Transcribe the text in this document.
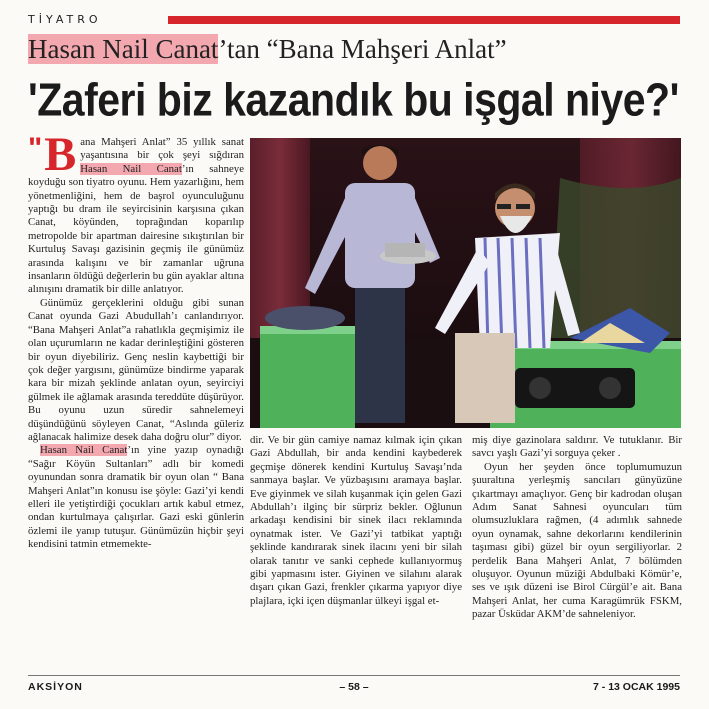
TİYATRO
Hasan Nail Canat’tan “Bana Mahşeri Anlat”
'Zaferi biz kazandık bu işgal niye?'

" B ana Mahşeri Anlat” 35 yıllık sanat yaşantısına bir çok şeyi sığdıran Hasan Nail Canat’ın sahneye koyduğu son tiyatro oyunu. Hem yazarlığını, hem yönetmenliğini, hem de başrol oyunculuğunu yaptığı bu dram ile seyircisinin karşısına çıkan Canat, köyünden, toprağından koparılıp metropolde bir apartman dairesine sıkıştırılan bir Kurtuluş Savaşı gazisinin geçmiş ile günümüz arasında kalışını ve bir zamanlar uğruna insanların öldüğü değerlerin bu gün ayaklar altına alınışını dramatik bir dille anlatıyor.

Günümüz gerçeklerini olduğu gibi sunan Canat oyunda Gazi Abudullah’ı canlandırıyor. “Bana Mahşeri Anlat”a rahatlıkla geçmişimiz ile olan uçurumların ne kadar derinleştiğini gösteren bir oyun diyebiliriz. Genç neslin kaybettiği bir çok değer yargısını, günümüze bindirme yaparak kara bir mizah şeklinde anlatan oyun, seyirciyi gülmek ile ağlamak arasında tereddüte düşürüyor. Bu oyunu uzun süredir sahnelemeyi düşündüğünü söyleyen Canat, “Aslında güleriz ağlanacak halimize desek daha doğru olur” diyor.

Hasan Nail Canat’ın yine yazıp oynadığı “Sağır Köyün Sultanları” adlı bir komedi oyunundan sonra dramatik bir oyun olan “ Bana Mahşeri Anlat”ın konusu ise şöyle: Gazi’yi kendi elleri ile yetiştirdiği çocukları artık kabul etmez, ondan kurtulmaya çalışırlar. Gazi eski günlerin özlemi ile yanıp tutuşur. Günümüzün hiçbir şeyi kendisini tatmin etmemekte-

dir. Ve bir gün camiye namaz kılmak için çıkan Gazi Abdullah, bir anda kendini kaybederek geçmişe dönerek kendini Kurtuluş Savaşı’nda sanmaya başlar. Ve yüzbaşısını aramaya başlar. Eve giyinmek ve silah kuşanmak için gelen Gazi Abdullah’ı ilginç bir sürpriz bekler. Oğlunun arkadaşı kendisini bir sinek ilacı reklamında oynatmak ister. Ve Gazi’yi tatbikat yaptığı şeklinde kandırarak sinek ilacını yeni bir silah olarak tanıtır ve sanki cephede kullanıyormuş gibi yapmasını ister. Giyinen ve silahını alarak dışarı çıkan Gazi, frenkler çıkarma yapıyor diye plajlara, içki içen düşmanlar ülkeyi işgal et-

miş diye gazinolara saldırır. Ve tutuklanır. Bir savcı yaşlı Gazi’yi sorguya çeker .

Oyun her şeyden önce toplumumuzun şuuraltına yerleşmiş sancıları günyüzüne çıkartmayı amaçlıyor. Genç bir kadrodan oluşan Adım Sanat Sahnesi oyuncuları tüm olumsuzluklara rağmen, (4 adımlık sahnede oyun oynamak, sahne dekorlarını kendilerinin taşıması gibi) güzel bir oyun sergiliyorlar. 2 perdelik Bana Mahşeri Anlat, 7 bölümden oluşuyor. Oyunun müziği Abdulbaki Kömür’e, ses ve ışık düzeni ise Birol Cürgül’e ait. Bana Mahşeri Anlat, her cuma Karagümrük FSKM, pazar Üsküdar AKM’de sahneleniyor.

AKSİYON	– 58 –	7 - 13 OCAK 1995
